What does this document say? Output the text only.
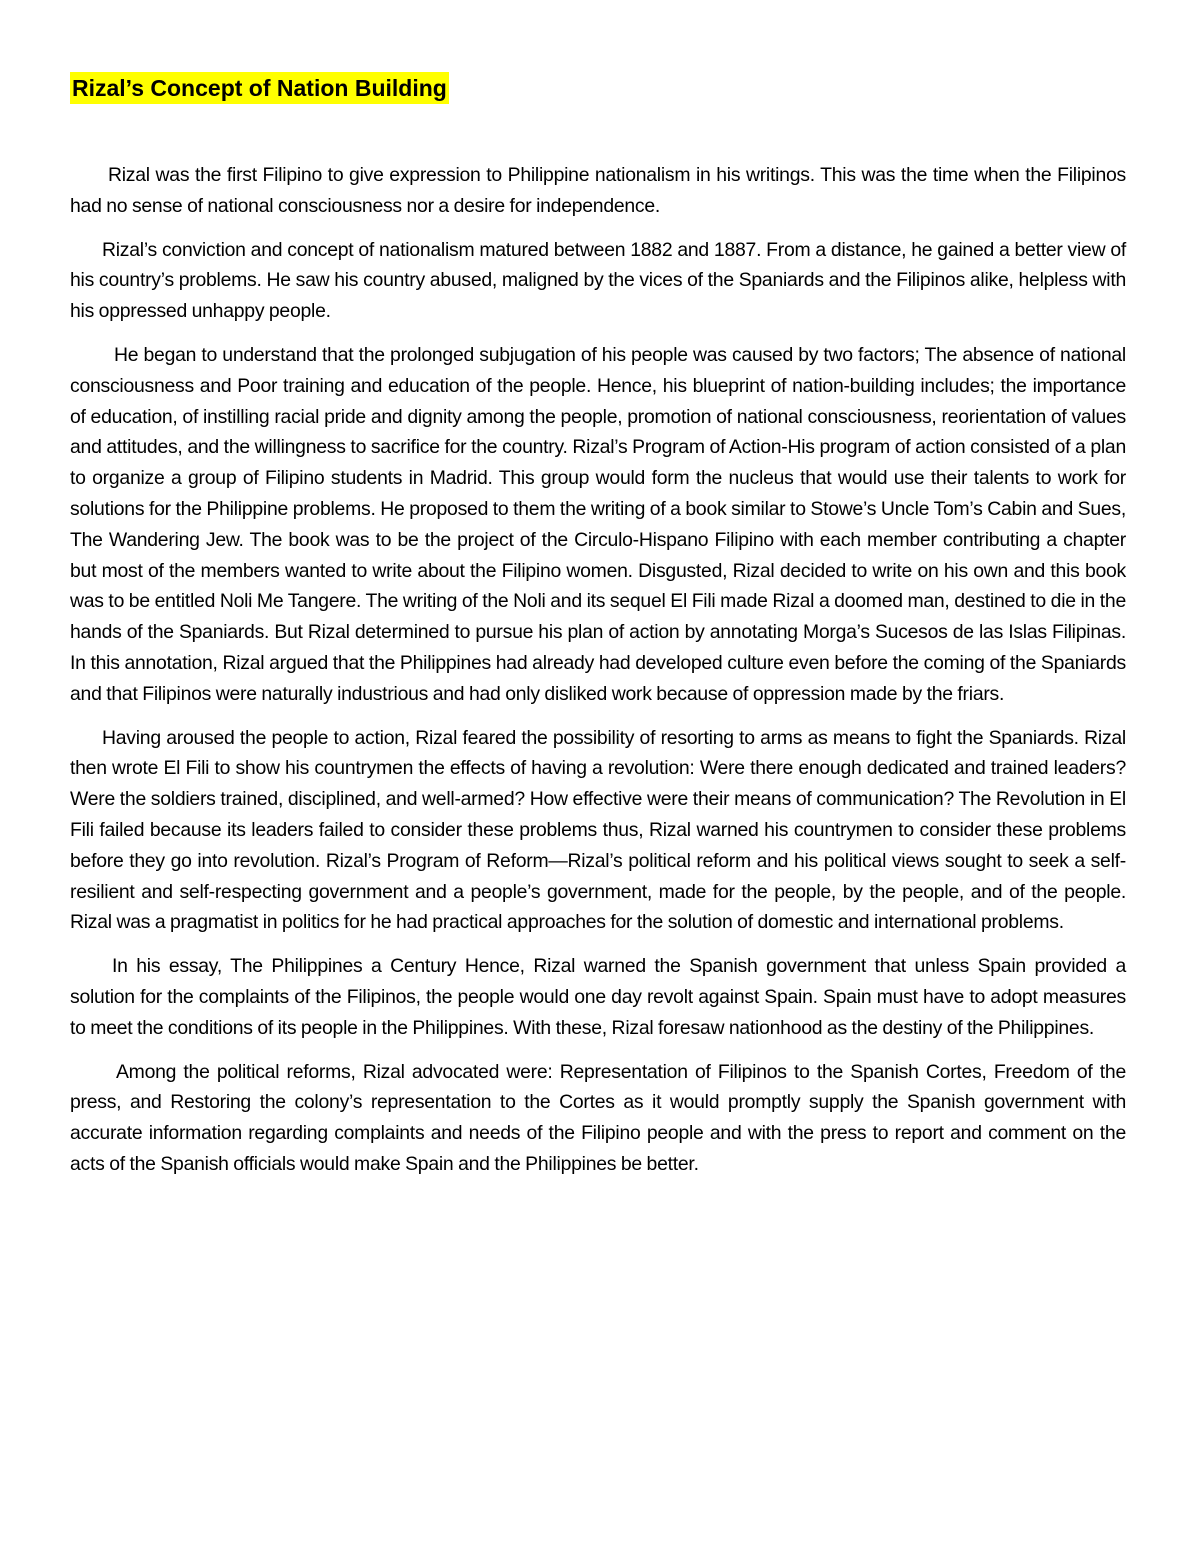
Rizal’s Concept of Nation Building

Rizal was the first Filipino to give expression to Philippine nationalism in his writings. This was the time when the Filipinos had no sense of national consciousness nor a desire for independence.

Rizal’s conviction and concept of nationalism matured between 1882 and 1887. From a distance, he gained a better view of his country’s problems. He saw his country abused, maligned by the vices of the Spaniards and the Filipinos alike, helpless with his oppressed unhappy people.

He began to understand that the prolonged subjugation of his people was caused by two factors; The absence of national consciousness and Poor training and education of the people. Hence, his blueprint of nation-building includes; the importance of education, of instilling racial pride and dignity among the people, promotion of national consciousness, reorientation of values and attitudes, and the willingness to sacrifice for the country. Rizal’s Program of Action-His program of action consisted of a plan to organize a group of Filipino students in Madrid. This group would form the nucleus that would use their talents to work for solutions for the Philippine problems. He proposed to them the writing of a book similar to Stowe’s Uncle Tom’s Cabin and Sues, The Wandering Jew. The book was to be the project of the Circulo-Hispano Filipino with each member contributing a chapter but most of the members wanted to write about the Filipino women. Disgusted, Rizal decided to write on his own and this book was to be entitled Noli Me Tangere. The writing of the Noli and its sequel El Fili made Rizal a doomed man, destined to die in the hands of the Spaniards. But Rizal determined to pursue his plan of action by annotating Morga’s Sucesos de las Islas Filipinas. In this annotation, Rizal argued that the Philippines had already had developed culture even before the coming of the Spaniards and that Filipinos were naturally industrious and had only disliked work because of oppression made by the friars.

Having aroused the people to action, Rizal feared the possibility of resorting to arms as means to fight the Spaniards. Rizal then wrote El Fili to show his countrymen the effects of having a revolution: Were there enough dedicated and trained leaders? Were the soldiers trained, disciplined, and well-armed? How effective were their means of communication? The Revolution in El Fili failed because its leaders failed to consider these problems thus, Rizal warned his countrymen to consider these problems before they go into revolution. Rizal’s Program of Reform—Rizal’s political reform and his political views sought to seek a self-resilient and self-respecting government and a people’s government, made for the people, by the people, and of the people. Rizal was a pragmatist in politics for he had practical approaches for the solution of domestic and international problems.

In his essay, The Philippines a Century Hence, Rizal warned the Spanish government that unless Spain provided a solution for the complaints of the Filipinos, the people would one day revolt against Spain. Spain must have to adopt measures to meet the conditions of its people in the Philippines. With these, Rizal foresaw nationhood as the destiny of the Philippines.

Among the political reforms, Rizal advocated were: Representation of Filipinos to the Spanish Cortes, Freedom of the press, and Restoring the colony’s representation to the Cortes as it would promptly supply the Spanish government with accurate information regarding complaints and needs of the Filipino people and with the press to report and comment on the acts of the Spanish officials would make Spain and the Philippines be better.
